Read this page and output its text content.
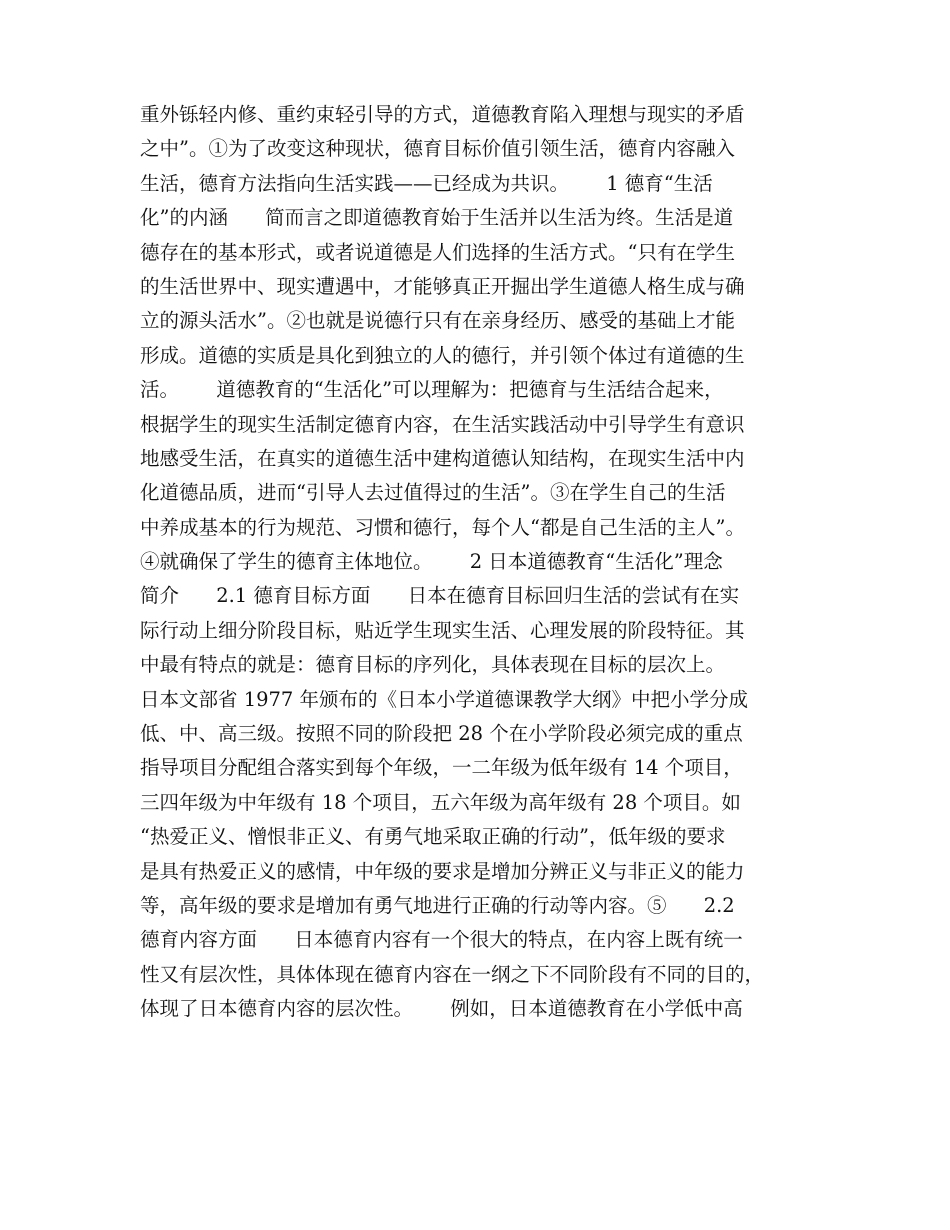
重外铄轻内修、重约束轻引导的方式，道德教育陷入理想与现实的矛盾
之中”。①为了改变这种现状，德育目标价值引领生活，德育内容融入
生活，德育方法指向生活实践——已经成为共识。      1 德育“生活
化”的内涵      简而言之即道德教育始于生活并以生活为终。生活是道
德存在的基本形式，或者说道德是人们选择的生活方式。“只有在学生
的生活世界中、现实遭遇中，才能够真正开掘出学生道德人格生成与确
立的源头活水”。②也就是说德行只有在亲身经历、感受的基础上才能
形成。道德的实质是具化到独立的人的德行，并引领个体过有道德的生
活。      道德教育的“生活化”可以理解为：把德育与生活结合起来，
根据学生的现实生活制定德育内容，在生活实践活动中引导学生有意识
地感受生活，在真实的道德生活中建构道德认知结构，在现实生活中内
化道德品质，进而“引导人去过值得过的生活”。③在学生自己的生活
中养成基本的行为规范、习惯和德行，每个人“都是自己生活的主人”。
④就确保了学生的德育主体地位。      2 日本道德教育“生活化”理念
简介      2.1 德育目标方面      日本在德育目标回归生活的尝试有在实
际行动上细分阶段目标，贴近学生现实生活、心理发展的阶段特征。其
中最有特点的就是：德育目标的序列化，具体表现在目标的层次上。
日本文部省 1977 年颁布的《日本小学道德课教学大纲》中把小学分成
低、中、高三级。按照不同的阶段把 28 个在小学阶段必须完成的重点
指导项目分配组合落实到每个年级，一二年级为低年级有 14 个项目，
三四年级为中年级有 18 个项目，五六年级为高年级有 28 个项目。如
“热爱正义、憎恨非正义、有勇气地采取正确的行动”，低年级的要求
是具有热爱正义的感情，中年级的要求是增加分辨正义与非正义的能力
等，高年级的要求是增加有勇气地进行正确的行动等内容。⑤      2.2
德育内容方面      日本德育内容有一个很大的特点，在内容上既有统一
性又有层次性，具体体现在德育内容在一纲之下不同阶段有不同的目的，
体现了日本德育内容的层次性。      例如，日本道德教育在小学低中高
